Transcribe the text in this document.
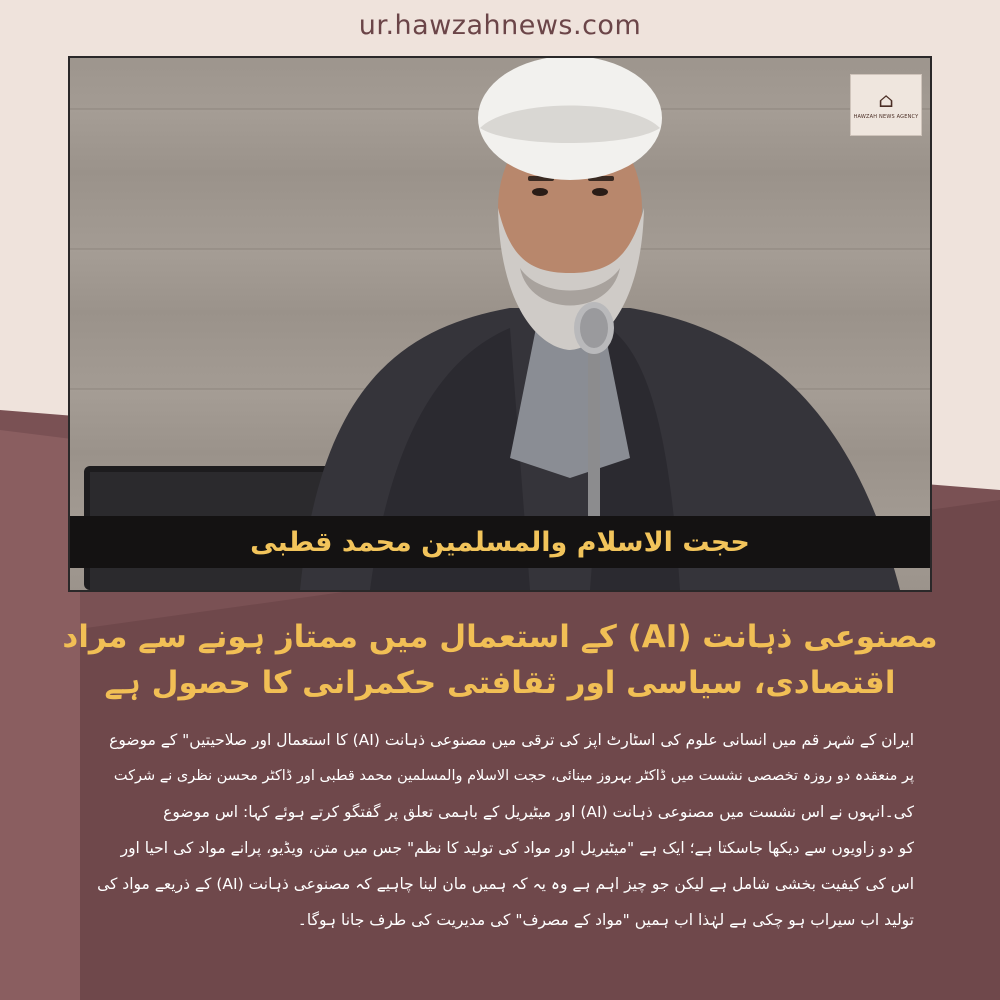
ur.hawzahnews.com
⌂
HAWZAH NEWS AGENCY
حجت الاسلام والمسلمین محمد قطبی
مصنوعی ذہانت (AI) کے استعمال میں ممتاز ہونے سے مراد
اقتصادی، سیاسی اور ثقافتی حکمرانی کا حصول ہے
ایران کے شہر قم میں انسانی علوم کی اسٹارٹ اپز کی ترقی میں مصنوعی ذہانت (AI) کا استعمال اور صلاحیتیں" کے موضوع
پر منعقدہ دو روزہ تخصصی نشست میں ڈاکٹر بہروز مینائی، حجت الاسلام والمسلمین محمد قطبی اور ڈاکٹر محسن نظری نے شرکت
کی۔انہوں نے اس نشست میں مصنوعی ذہانت (AI) اور میٹیریل کے باہمی تعلق پر گفتگو کرتے ہوئے کہا: اس موضوع
کو دو زاویوں سے دیکھا جاسکتا ہے؛ ایک ہے "میٹیریل اور مواد کی تولید کا نظم" جس میں متن، ویڈیو، پرانے مواد کی احیا اور
اس کی کیفیت بخشی شامل ہے لیکن جو چیز اہم ہے وہ یہ کہ ہمیں مان لینا چاہیے کہ مصنوعی ذہانت (AI) کے ذریعے مواد کی
تولید اب سیراب ہو چکی ہے لہٰذا اب ہمیں "مواد کے مصرف" کی مدیریت کی طرف جانا ہوگا۔
